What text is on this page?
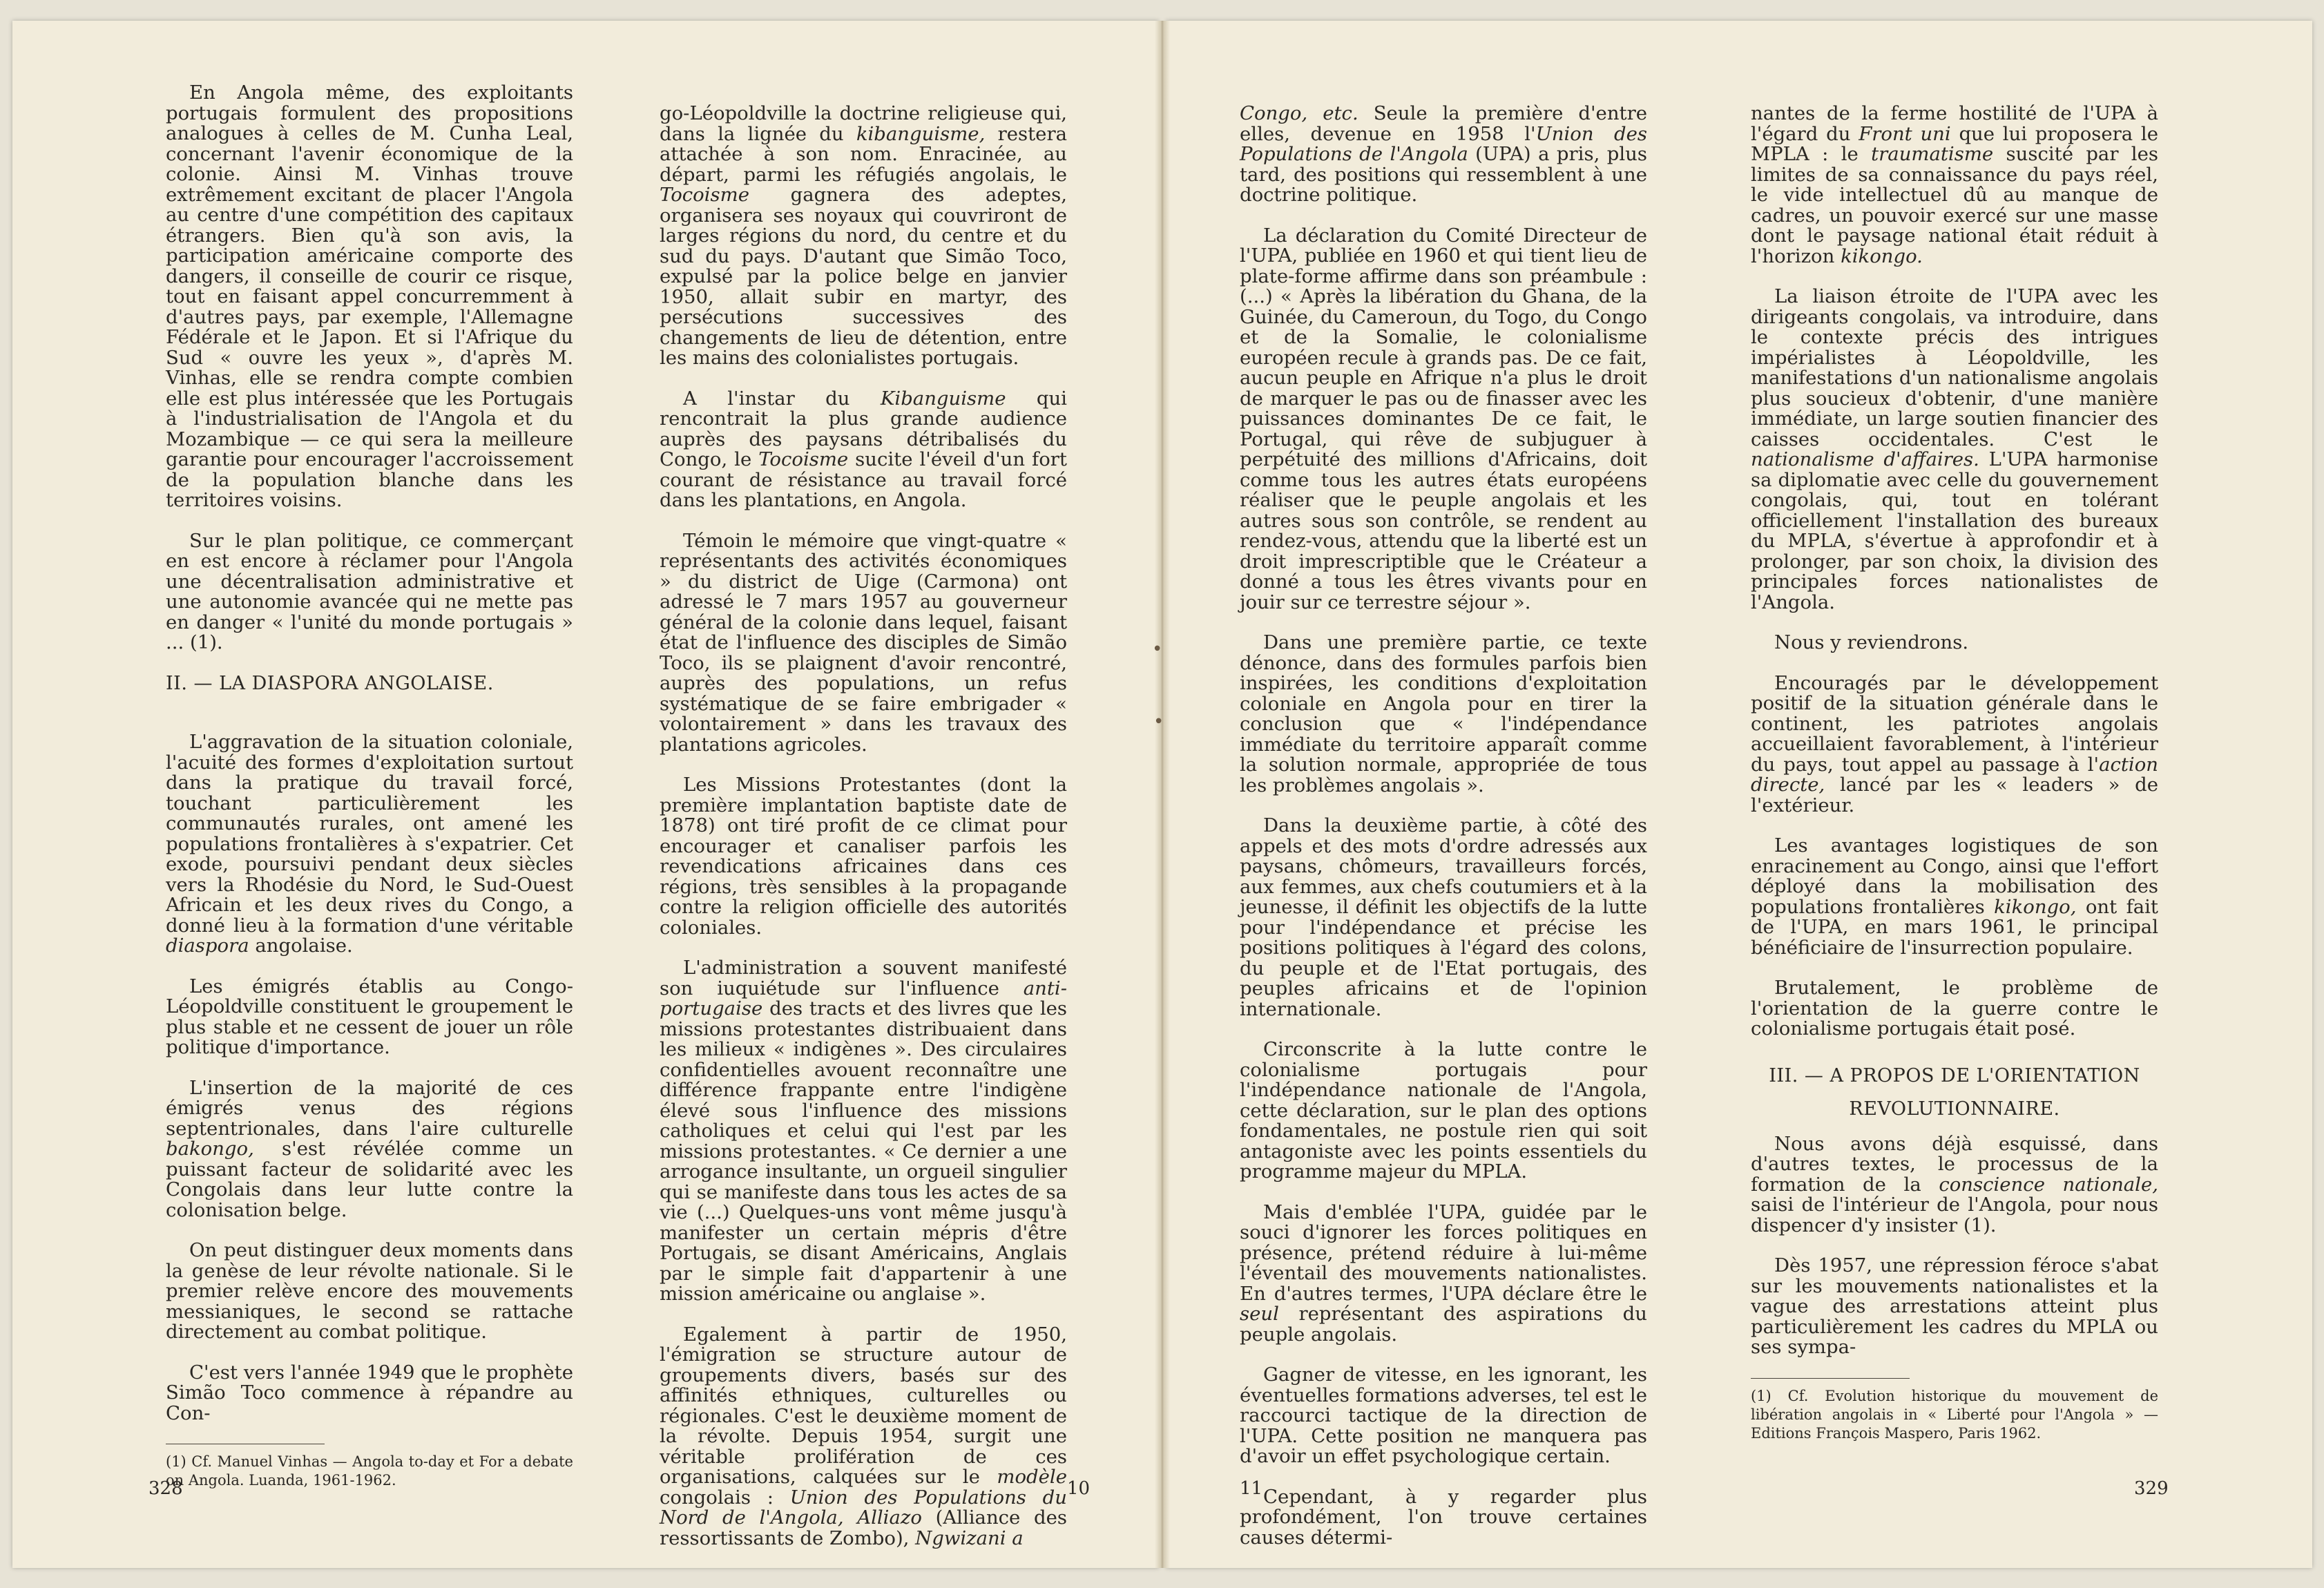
En Angola même, des exploitants portugais formulent des propositions analogues à celles de M. Cunha Leal, concernant l'avenir économique de la colonie. Ainsi M. Vinhas trouve extrêmement excitant de placer l'Angola au centre d'une compétition des capitaux étrangers. Bien qu'à son avis, la participation américaine comporte des dangers, il conseille de courir ce risque, tout en faisant appel concurremment à d'autres pays, par exemple, l'Allemagne Fédérale et le Japon. Et si l'Afrique du Sud « ouvre les yeux », d'après M. Vinhas, elle se rendra compte combien elle est plus intéressée que les Portugais à l'industrialisation de l'Angola et du Mozambique — ce qui sera la meilleure garantie pour encourager l'accroissement de la population blanche dans les territoires voisins.

Sur le plan politique, ce commerçant en est encore à réclamer pour l'Angola une décentralisation administrative et une autonomie avancée qui ne mette pas en danger « l'unité du monde portugais » ... (1).

II. — LA DIASPORA ANGOLAISE.

L'aggravation de la situation coloniale, l'acuité des formes d'exploitation surtout dans la pratique du travail forcé, touchant particulièrement les communautés rurales, ont amené les populations frontalières à s'expatrier. Cet exode, poursuivi pendant deux siècles vers la Rhodésie du Nord, le Sud-Ouest Africain et les deux rives du Congo, a donné lieu à la formation d'une véritable diaspora angolaise.

Les émigrés établis au Congo-Léopoldville constituent le groupement le plus stable et ne cessent de jouer un rôle politique d'importance.

L'insertion de la majorité de ces émigrés venus des régions septentrionales, dans l'aire culturelle bakongo, s'est révélée comme un puissant facteur de solidarité avec les Congolais dans leur lutte contre la colonisation belge.

On peut distinguer deux moments dans la genèse de leur révolte nationale. Si le premier relève encore des mouvements messianiques, le second se rattache directement au combat politique.

C'est vers l'année 1949 que le prophète Simão Toco commence à répandre au Con-

(1) Cf. Manuel Vinhas — Angola to-day et For a debate on Angola. Luanda, 1961-1962.
328

go-Léopoldville la doctrine religieuse qui, dans la lignée du kibanguisme, restera attachée à son nom. Enracinée, au départ, parmi les réfugiés angolais, le Tocoisme gagnera des adeptes, organisera ses noyaux qui couvriront de larges régions du nord, du centre et du sud du pays. D'autant que Simão Toco, expulsé par la police belge en janvier 1950, allait subir en martyr, des persécutions successives des changements de lieu de détention, entre les mains des colonialistes portugais.

A l'instar du Kibanguisme qui rencontrait la plus grande audience auprès des paysans détribalisés du Congo, le Tocoisme sucite l'éveil d'un fort courant de résistance au travail forcé dans les plantations, en Angola.

Témoin le mémoire que vingt-quatre « représentants des activités économiques » du district de Uige (Carmona) ont adressé le 7 mars 1957 au gouverneur général de la colonie dans lequel, faisant état de l'influence des disciples de Simão Toco, ils se plaignent d'avoir rencontré, auprès des populations, un refus systématique de se faire embrigader « volontairement » dans les travaux des plantations agricoles.

Les Missions Protestantes (dont la première implantation baptiste date de 1878) ont tiré profit de ce climat pour encourager et canaliser parfois les revendications africaines dans ces régions, très sensibles à la propagande contre la religion officielle des autorités coloniales.

L'administration a souvent manifesté son iuquiétude sur l'influence anti-portugaise des tracts et des livres que les missions protestantes distribuaient dans les milieux « indigènes ». Des circulaires confidentielles avouent reconnaître une différence frappante entre l'indigène élevé sous l'influence des missions catholiques et celui qui l'est par les missions protestantes. « Ce dernier a une arrogance insultante, un orgueil singulier qui se manifeste dans tous les actes de sa vie (...) Quelques-uns vont même jusqu'à manifester un certain mépris d'être Portugais, se disant Américains, Anglais par le simple fait d'appartenir à une mission américaine ou anglaise ».

Egalement à partir de 1950, l'émigration se structure autour de groupements divers, basés sur des affinités ethniques, culturelles ou régionales. C'est le deuxième moment de la révolte. Depuis 1954, surgit une véritable prolifération de ces organisations, calquées sur le modèle congolais : Union des Populations du Nord de l'Angola, Alliazo (Alliance des ressortissants de Zombo), Ngwizani a

10

Congo, etc. Seule la première d'entre elles, devenue en 1958 l'Union des Populations de l'Angola (UPA) a pris, plus tard, des positions qui ressemblent à une doctrine politique.

La déclaration du Comité Directeur de l'UPA, publiée en 1960 et qui tient lieu de plate-forme affirme dans son préambule : (...) « Après la libération du Ghana, de la Guinée, du Cameroun, du Togo, du Congo et de la Somalie, le colonialisme européen recule à grands pas. De ce fait, aucun peuple en Afrique n'a plus le droit de marquer le pas ou de finasser avec les puissances dominantes De ce fait, le Portugal, qui rêve de subjuguer à perpétuité des millions d'Africains, doit comme tous les autres états européens réaliser que le peuple angolais et les autres sous son contrôle, se rendent au rendez-vous, attendu que la liberté est un droit imprescriptible que le Créateur a donné a tous les êtres vivants pour en jouir sur ce terrestre séjour ».

Dans une première partie, ce texte dénonce, dans des formules parfois bien inspirées, les conditions d'exploitation coloniale en Angola pour en tirer la conclusion que « l'indépendance immédiate du territoire apparaît comme la solution normale, appropriée de tous les problèmes angolais ».

Dans la deuxième partie, à côté des appels et des mots d'ordre adressés aux paysans, chômeurs, travailleurs forcés, aux femmes, aux chefs coutumiers et à la jeunesse, il définit les objectifs de la lutte pour l'indépendance et précise les positions politiques à l'égard des colons, du peuple et de l'Etat portugais, des peuples africains et de l'opinion internationale.

Circonscrite à la lutte contre le colonialisme portugais pour l'indépendance nationale de l'Angola, cette déclaration, sur le plan des options fondamentales, ne postule rien qui soit antagoniste avec les points essentiels du programme majeur du MPLA.

Mais d'emblée l'UPA, guidée par le souci d'ignorer les forces politiques en présence, prétend réduire à lui-même l'éventail des mouvements nationalistes. En d'autres termes, l'UPA déclare être le seul représentant des aspirations du peuple angolais.

Gagner de vitesse, en les ignorant, les éventuelles formations adverses, tel est le raccourci tactique de la direction de l'UPA. Cette position ne manquera pas d'avoir un effet psychologique certain.

Cependant, à y regarder plus profondément, l'on trouve certaines causes détermi-

11

nantes de la ferme hostilité de l'UPA à l'égard du Front uni que lui proposera le MPLA : le traumatisme suscité par les limites de sa connaissance du pays réel, le vide intellectuel dû au manque de cadres, un pouvoir exercé sur une masse dont le paysage national était réduit à l'horizon kikongo.

La liaison étroite de l'UPA avec les dirigeants congolais, va introduire, dans le contexte précis des intrigues impérialistes à Léopoldville, les manifestations d'un nationalisme angolais plus soucieux d'obtenir, d'une manière immédiate, un large soutien financier des caisses occidentales. C'est le nationalisme d'affaires. L'UPA harmonise sa diplomatie avec celle du gouvernement congolais, qui, tout en tolérant officiellement l'installation des bureaux du MPLA, s'évertue à approfondir et à prolonger, par son choix, la division des principales forces nationalistes de l'Angola.

Nous y reviendrons.

Encouragés par le développement positif de la situation générale dans le continent, les patriotes angolais accueillaient favorablement, à l'intérieur du pays, tout appel au passage à l'action directe, lancé par les « leaders » de l'extérieur.

Les avantages logistiques de son enracinement au Congo, ainsi que l'effort déployé dans la mobilisation des populations frontalières kikongo, ont fait de l'UPA, en mars 1961, le principal bénéficiaire de l'insurrection populaire.

Brutalement, le problème de l'orientation de la guerre contre le colonialisme portugais était posé.

III. — A PROPOS DE L'ORIENTATION
REVOLUTIONNAIRE.

Nous avons déjà esquissé, dans d'autres textes, le processus de la formation de la conscience nationale, saisi de l'intérieur de l'Angola, pour nous dispencer d'y insister (1).

Dès 1957, une répression féroce s'abat sur les mouvements nationalistes et la vague des arrestations atteint plus particulièrement les cadres du MPLA ou ses sympa-

(1) Cf. Evolution historique du mouvement de libération angolais in « Liberté pour l'Angola » — Editions François Maspero, Paris 1962.
329
•
•
